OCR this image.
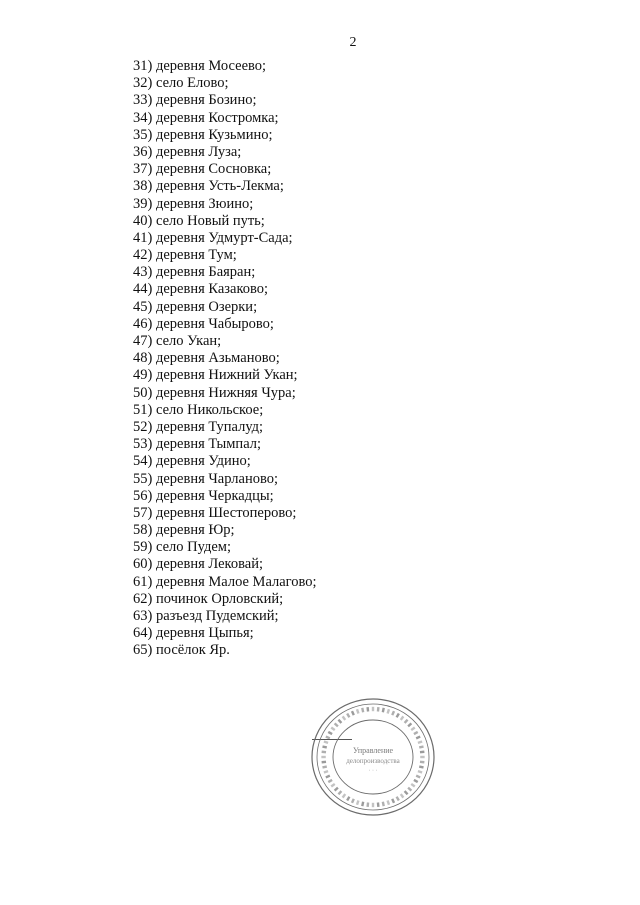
2
31) деревня Мосеево;
32) село Елово;
33) деревня Бозино;
34) деревня Костромка;
35) деревня Кузьмино;
36) деревня Луза;
37) деревня Сосновка;
38) деревня Усть-Лекма;
39) деревня Зюино;
40) село Новый путь;
41) деревня Удмурт-Сада;
42) деревня Тум;
43) деревня Баяран;
44) деревня Казаково;
45) деревня Озерки;
46) деревня Чабырово;
47) село Укан;
48) деревня Азьманово;
49) деревня Нижний Укан;
50) деревня Нижняя Чура;
51) село Никольское;
52) деревня Тупалуд;
53) деревня Тымпал;
54) деревня Удино;
55) деревня Чарланово;
56) деревня Черкадцы;
57) деревня Шестоперово;
58) деревня Юр;
59) село Пудем;
60) деревня Лековай;
61) деревня Малое Малагово;
62) починок Орловский;
63) разъезд Пудемский;
64) деревня Цыпья;
65) посёлок Яр.
Управление
делопроизводства
· · ·
